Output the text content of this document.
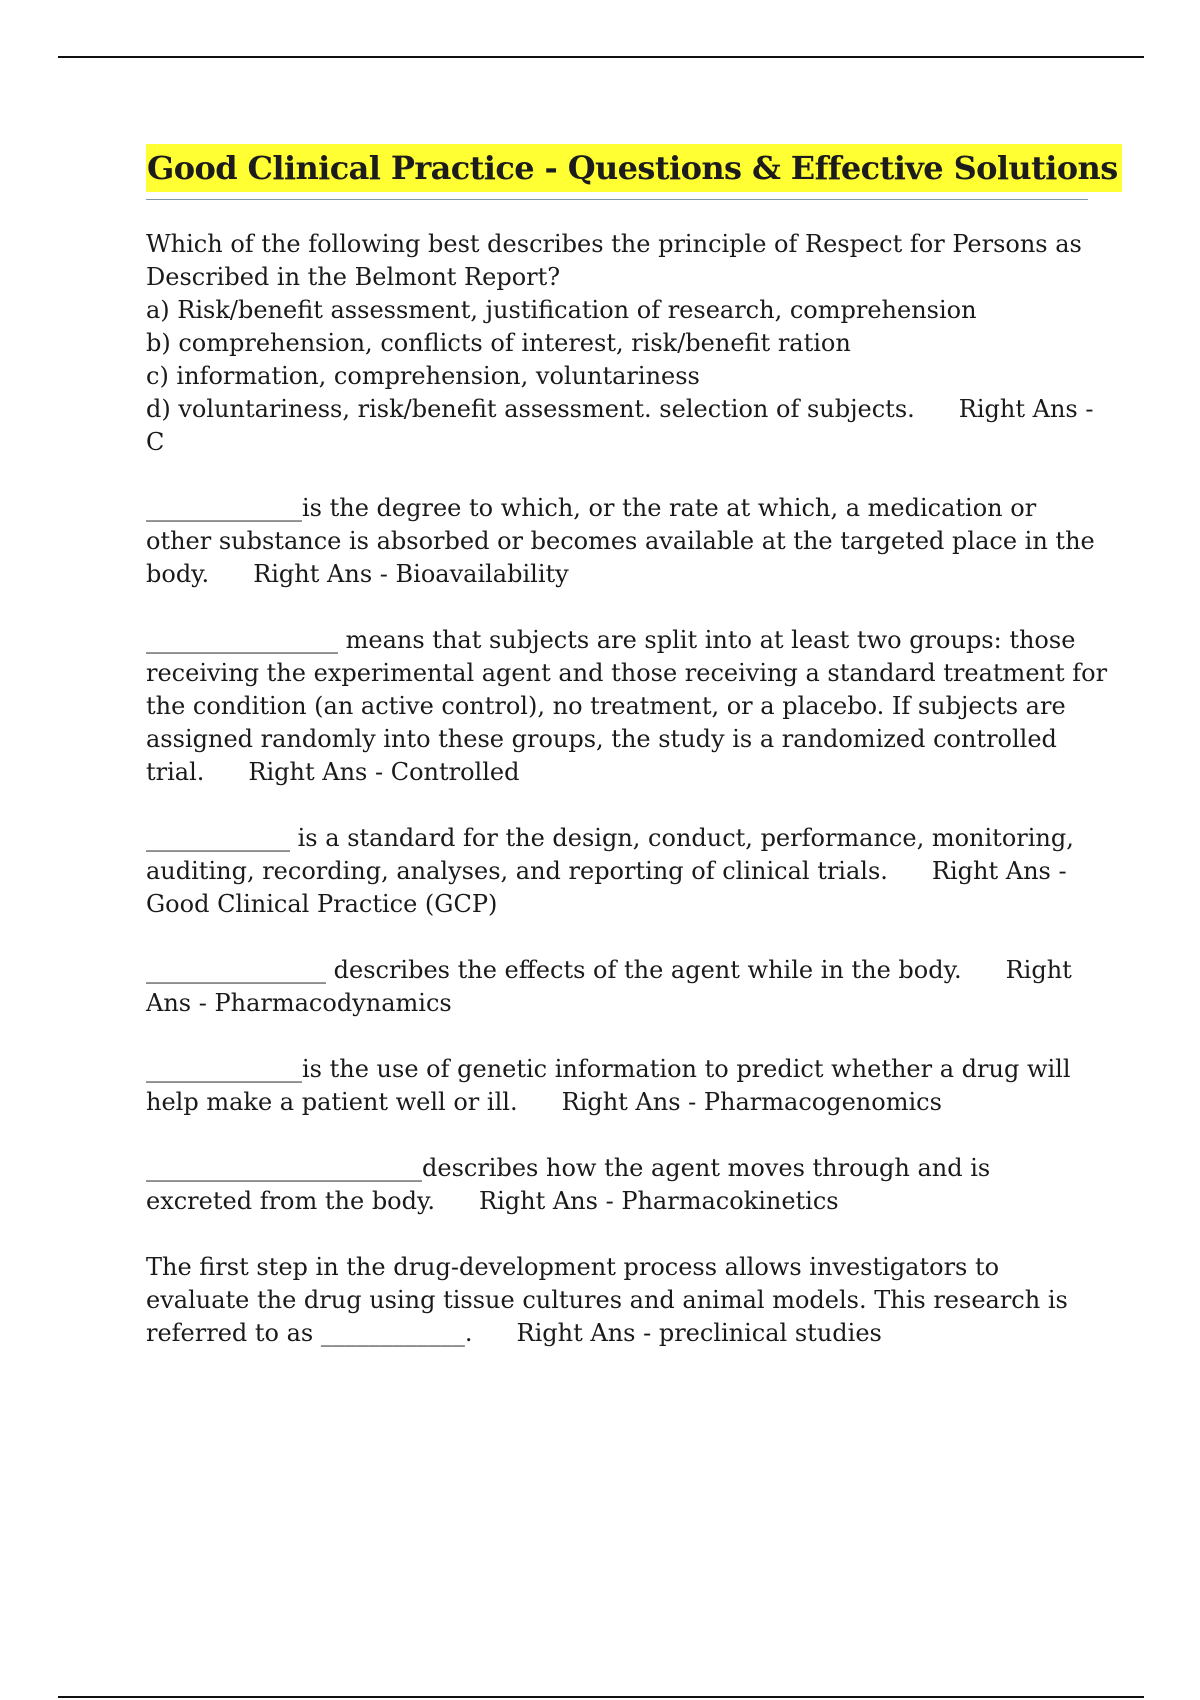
Good Clinical Practice - Questions & Effective Solutions
Which of the following best describes the principle of Respect for Persons as
Described in the Belmont Report?
a) Risk/benefit assessment, justification of research, comprehension
b) comprehension, conflicts of interest, risk/benefit ration
c) information, comprehension, voluntariness
d) voluntariness, risk/benefit assessment. selection of subjects. Right Ans -
C
_____________is the degree to which, or the rate at which, a medication or
other substance is absorbed or becomes available at the targeted place in the
body. Right Ans - Bioavailability
________________ means that subjects are split into at least two groups: those
receiving the experimental agent and those receiving a standard treatment for
the condition (an active control), no treatment, or a placebo. If subjects are
assigned randomly into these groups, the study is a randomized controlled
trial. Right Ans - Controlled
____________ is a standard for the design, conduct, performance, monitoring,
auditing, recording, analyses, and reporting of clinical trials. Right Ans -
Good Clinical Practice (GCP)
_______________ describes the effects of the agent while in the body. Right
Ans - Pharmacodynamics
_____________is the use of genetic information to predict whether a drug will
help make a patient well or ill. Right Ans - Pharmacogenomics
_______________________describes how the agent moves through and is
excreted from the body. Right Ans - Pharmacokinetics
The first step in the drug-development process allows investigators to
evaluate the drug using tissue cultures and animal models. This research is
referred to as ____________. Right Ans - preclinical studies
